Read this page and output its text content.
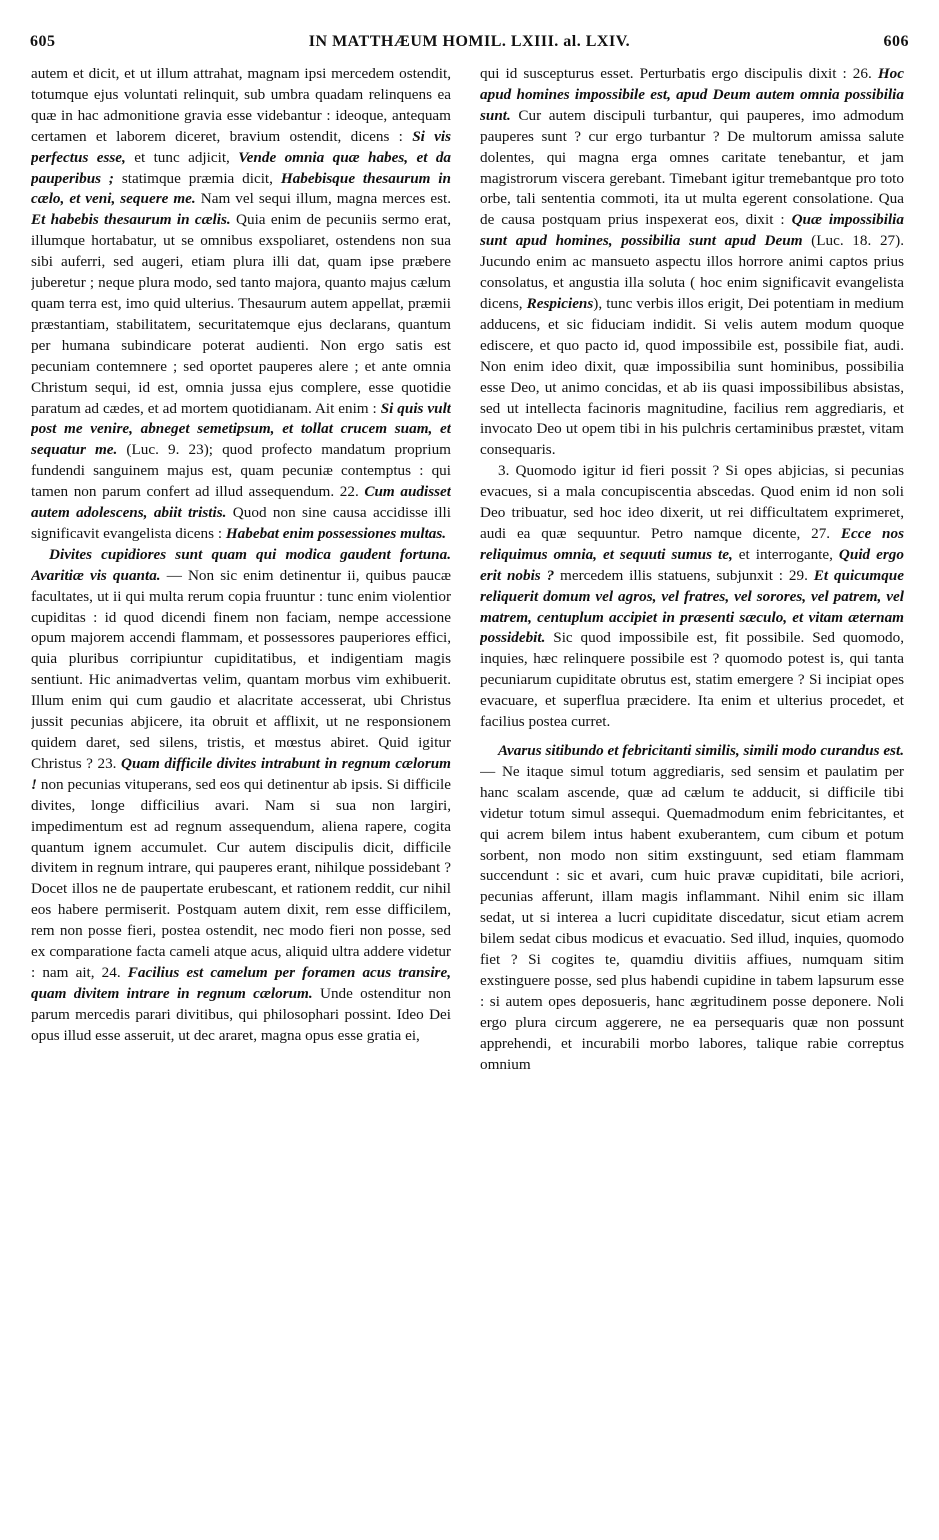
605	IN MATTHÆUM HOMIL. LXIII. al. LXIV.	606

autem et dicit, et ut illum attrahat, magnam ipsi mercedem ostendit, totumque ejus voluntati relinquit, sub umbra quadam relinquens ea quæ in hac admonitione gravia esse videbantur : ideoque, antequam certamen et laborem diceret, bravium ostendit, dicens : Si vis perfectus esse, et tunc adjicit, Vende omnia quæ habes, et da pauperibus ; statimque præmia dicit, Habebisque thesaurum in cælo, et veni, sequere me. Nam vel sequi illum, magna merces est. Et habebis thesaurum in cælis. Quia enim de pecuniis sermo erat, illumque hortabatur, ut se omnibus exspoliaret, ostendens non sua sibi auferri, sed augeri, etiam plura illi dat, quam ipse præbere juberetur ; neque plura modo, sed tanto majora, quanto majus cælum quam terra est, imo quid ulterius. Thesaurum autem appellat, præmii præstantiam, stabilitatem, securitatemque ejus declarans, quantum per humana subindicare poterat audienti. Non ergo satis est pecuniam contemnere ; sed oportet pauperes alere ; et ante omnia Christum sequi, id est, omnia jussa ejus complere, esse quotidie paratum ad cædes, et ad mortem quotidianam. Ait enim : Si quis vult post me venire, abneget semetipsum, et tollat crucem suam, et sequatur me. (Luc. 9. 23); quod profecto mandatum proprium fundendi sanguinem majus est, quam pecuniæ contemptus : qui tamen non parum confert ad illud assequendum. 22. Cum audisset autem adolescens, abiit tristis. Quod non sine causa accidisse illi significavit evangelista dicens : Habebat enim possessiones multas.

Divites cupidiores sunt quam qui modica gaudent fortuna. Avaritiæ vis quanta. — Non sic enim detinentur ii, quibus paucæ facultates, ut ii qui multa rerum copia fruuntur : tunc enim violentior cupiditas : id quod dicendi finem non faciam, nempe accessione opum majorem accendi flammam, et possessores pauperiores effici, quia pluribus corripiuntur cupiditatibus, et indigentiam magis sentiunt. Hic animadvertas velim, quantam morbus vim exhibuerit. Illum enim qui cum gaudio et alacritate accesserat, ubi Christus jussit pecunias abjicere, ita obruit et afflixit, ut ne responsionem quidem daret, sed silens, tristis, et mœstus abiret. Quid igitur Christus ? 23. Quam difficile divites intrabunt in regnum cælorum ! non pecunias vituperans, sed eos qui detinentur ab ipsis. Si difficile divites, longe difficilius avari. Nam si sua non largiri, impedimentum est ad regnum assequendum, aliena rapere, cogita quantum ignem accumulet. Cur autem discipulis dicit, difficile divitem in regnum intrare, qui pauperes erant, nihilque possidebant ? Docet illos ne de paupertate erubescant, et rationem reddit, cur nihil eos habere permiserit. Postquam autem dixit, rem esse difficilem, rem non posse fieri, postea ostendit, nec modo fieri non posse, sed ex comparatione facta cameli atque acus, aliquid ultra addere videtur : nam ait, 24. Facilius est camelum per foramen acus transire, quam divitem intrare in regnum cælorum. Unde ostenditur non parum mercedis parari divitibus, qui philosophari possint. Ideo Dei opus illud esse asseruit, ut dec araret, magna opus esse gratia ei,

qui id suscepturus esset. Perturbatis ergo discipulis dixit : 26. Hoc apud homines impossibile est, apud Deum autem omnia possibilia sunt. Cur autem discipuli turbantur, qui pauperes, imo admodum pauperes sunt ? cur ergo turbantur ? De multorum amissa salute dolentes, qui magna erga omnes caritate tenebantur, et jam magistrorum viscera gerebant. Timebant igitur tremebantque pro toto orbe, tali sententia commoti, ita ut multa egerent consolatione. Qua de causa postquam prius inspexerat eos, dixit : Quæ impossibilia sunt apud homines, possibilia sunt apud Deum (Luc. 18. 27). Jucundo enim ac mansueto aspectu illos horrore animi captos prius consolatus, et angustia illa soluta ( hoc enim significavit evangelista dicens, Respiciens), tunc verbis illos erigit, Dei potentiam in medium adducens, et sic fiduciam indidit. Si velis autem modum quoque ediscere, et quo pacto id, quod impossibile est, possibile fiat, audi. Non enim ideo dixit, quæ impossibilia sunt hominibus, possibilia esse Deo, ut animo concidas, et ab iis quasi impossibilibus absistas, sed ut intellecta facinoris magnitudine, facilius rem aggrediaris, et invocato Deo ut opem tibi in his pulchris certaminibus præstet, vitam consequaris.

3. Quomodo igitur id fieri possit ? Si opes abjicias, si pecunias evacues, si a mala concupiscentia abscedas. Quod enim id non soli Deo tribuatur, sed hoc ideo dixerit, ut rei difficultatem exprimeret, audi ea quæ sequuntur. Petro namque dicente, 27. Ecce nos reliquimus omnia, et sequuti sumus te, et interrogante, Quid ergo erit nobis ? mercedem illis statuens, subjunxit : 29. Et quicumque reliquerit domum vel agros, vel fratres, vel sorores, vel patrem, vel matrem, centuplum accipiet in præsenti sæculo, et vitam æternam possidebit. Sic quod impossibile est, fit possibile. Sed quomodo, inquies, hæc relinquere possibile est ? quomodo potest is, qui tanta pecuniarum cupiditate obrutus est, statim emergere ? Si incipiat opes evacuare, et superflua præcidere. Ita enim et ulterius procedet, et facilius postea curret.

Avarus sitibundo et febricitanti similis, simili modo curandus est. — Ne itaque simul totum aggrediaris, sed sensim et paulatim per hanc scalam ascende, quæ ad cælum te adducit, si difficile tibi videtur totum simul assequi. Quemadmodum enim febricitantes, et qui acrem bilem intus habent exuberantem, cum cibum et potum sorbent, non modo non sitim exstinguunt, sed etiam flammam succendunt : sic et avari, cum huic pravæ cupiditati, bile acriori, pecunias afferunt, illam magis inflammant. Nihil enim sic illam sedat, ut si interea a lucri cupiditate discedatur, sicut etiam acrem bilem sedat cibus modicus et evacuatio. Sed illud, inquies, quomodo fiet ? Si cogites te, quamdiu divitiis affiues, numquam sitim exstinguere posse, sed plus habendi cupidine in tabem lapsurum esse : si autem opes deposueris, hanc ægritudinem posse deponere. Noli ergo plura circum aggerere, ne ea persequaris quæ non possunt apprehendi, et incurabili morbo labores, talique rabie correptus omnium
